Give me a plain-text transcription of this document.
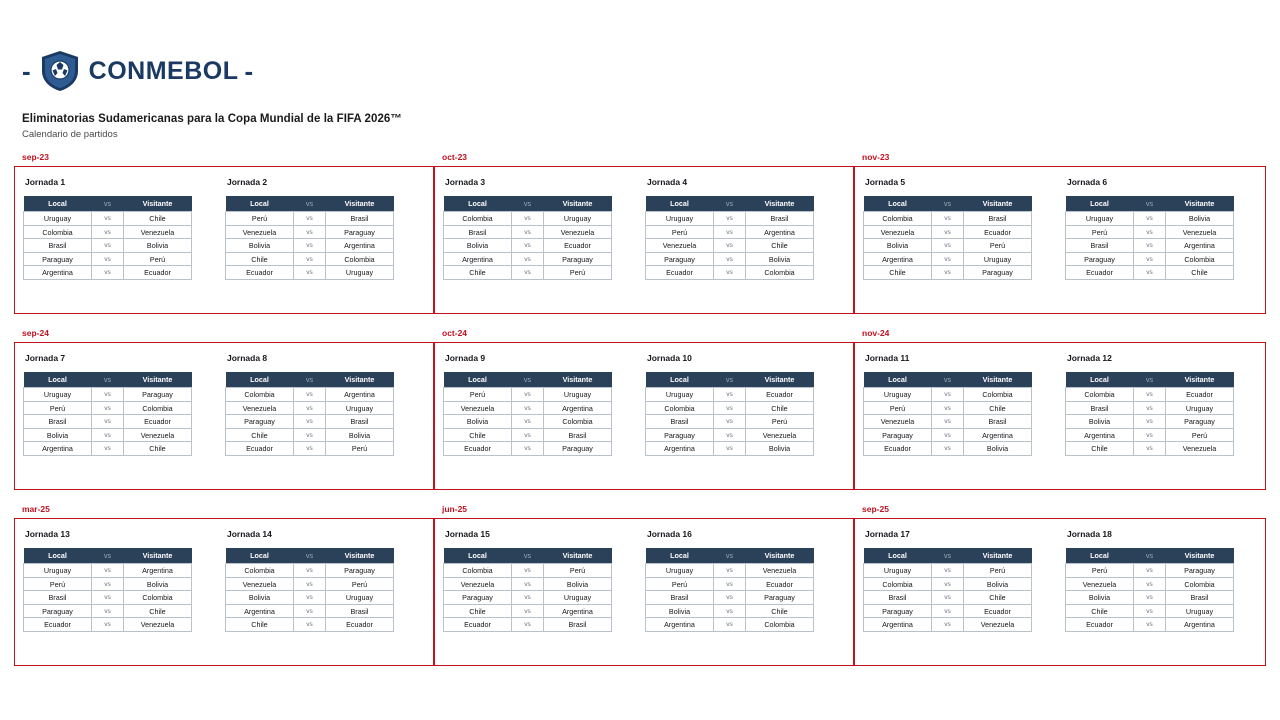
- CONMEBOL -

Eliminatorias Sudamericanas para la Copa Mundial de la FIFA 2026™

Calendario de partidos

sep-23
Jornada 1
Local	vs	Visitante
Uruguay	vs	Chile
Colombia	vs	Venezuela
Brasil	vs	Bolivia
Paraguay	vs	Perú
Argentina	vs	Ecuador
Jornada 2
Local	vs	Visitante
Perú	vs	Brasil
Venezuela	vs	Paraguay
Bolivia	vs	Argentina
Chile	vs	Colombia
Ecuador	vs	Uruguay
oct-23
Jornada 3
Local	vs	Visitante
Colombia	vs	Uruguay
Brasil	vs	Venezuela
Bolivia	vs	Ecuador
Argentina	vs	Paraguay
Chile	vs	Perú
Jornada 4
Local	vs	Visitante
Uruguay	vs	Brasil
Perú	vs	Argentina
Venezuela	vs	Chile
Paraguay	vs	Bolivia
Ecuador	vs	Colombia
nov-23
Jornada 5
Local	vs	Visitante
Colombia	vs	Brasil
Venezuela	vs	Ecuador
Bolivia	vs	Perú
Argentina	vs	Uruguay
Chile	vs	Paraguay
Jornada 6
Local	vs	Visitante
Uruguay	vs	Bolivia
Perú	vs	Venezuela
Brasil	vs	Argentina
Paraguay	vs	Colombia
Ecuador	vs	Chile
sep-24
Jornada 7
Local	vs	Visitante
Uruguay	vs	Paraguay
Perú	vs	Colombia
Brasil	vs	Ecuador
Bolivia	vs	Venezuela
Argentina	vs	Chile
Jornada 8
Local	vs	Visitante
Colombia	vs	Argentina
Venezuela	vs	Uruguay
Paraguay	vs	Brasil
Chile	vs	Bolivia
Ecuador	vs	Perú
oct-24
Jornada 9
Local	vs	Visitante
Perú	vs	Uruguay
Venezuela	vs	Argentina
Bolivia	vs	Colombia
Chile	vs	Brasil
Ecuador	vs	Paraguay
Jornada 10
Local	vs	Visitante
Uruguay	vs	Ecuador
Colombia	vs	Chile
Brasil	vs	Perú
Paraguay	vs	Venezuela
Argentina	vs	Bolivia
nov-24
Jornada 11
Local	vs	Visitante
Uruguay	vs	Colombia
Perú	vs	Chile
Venezuela	vs	Brasil
Paraguay	vs	Argentina
Ecuador	vs	Bolivia
Jornada 12
Local	vs	Visitante
Colombia	vs	Ecuador
Brasil	vs	Uruguay
Bolivia	vs	Paraguay
Argentina	vs	Perú
Chile	vs	Venezuela
mar-25
Jornada 13
Local	vs	Visitante
Uruguay	vs	Argentina
Perú	vs	Bolivia
Brasil	vs	Colombia
Paraguay	vs	Chile
Ecuador	vs	Venezuela
Jornada 14
Local	vs	Visitante
Colombia	vs	Paraguay
Venezuela	vs	Perú
Bolivia	vs	Uruguay
Argentina	vs	Brasil
Chile	vs	Ecuador
jun-25
Jornada 15
Local	vs	Visitante
Colombia	vs	Perú
Venezuela	vs	Bolivia
Paraguay	vs	Uruguay
Chile	vs	Argentina
Ecuador	vs	Brasil
Jornada 16
Local	vs	Visitante
Uruguay	vs	Venezuela
Perú	vs	Ecuador
Brasil	vs	Paraguay
Bolivia	vs	Chile
Argentina	vs	Colombia
sep-25
Jornada 17
Local	vs	Visitante
Uruguay	vs	Perú
Colombia	vs	Bolivia
Brasil	vs	Chile
Paraguay	vs	Ecuador
Argentina	vs	Venezuela
Jornada 18
Local	vs	Visitante
Perú	vs	Paraguay
Venezuela	vs	Colombia
Bolivia	vs	Brasil
Chile	vs	Uruguay
Ecuador	vs	Argentina
